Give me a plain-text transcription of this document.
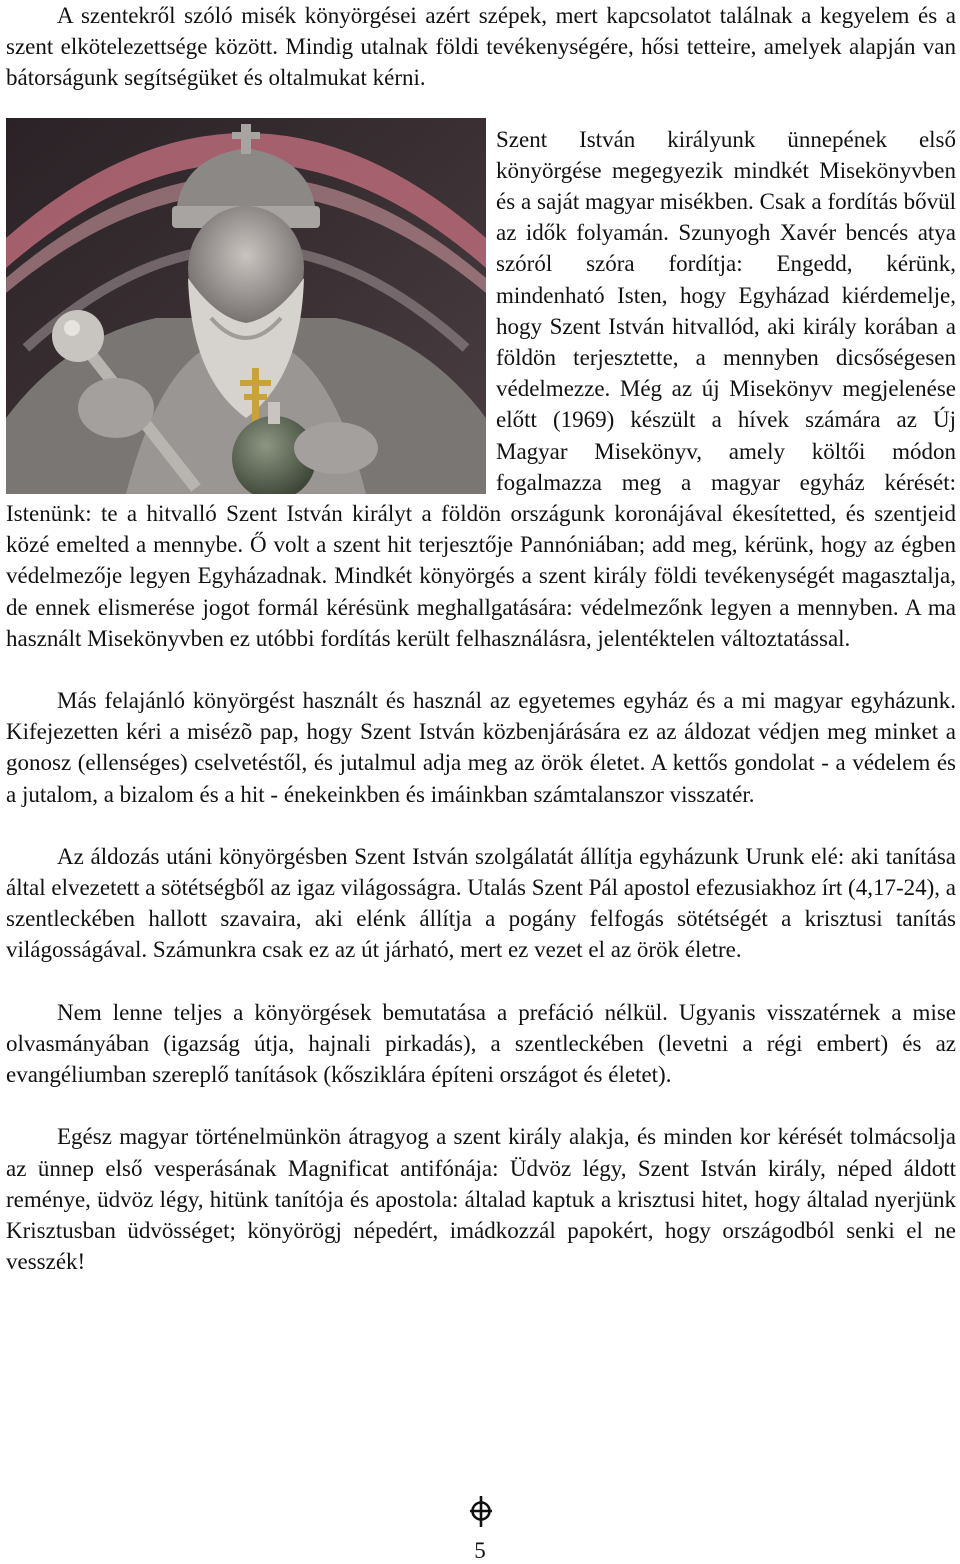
A szentekről szóló misék könyörgései azért szépek, mert kapcsolatot találnak a kegyelem és a szent elkötelezettsége között. Mindig utalnak földi tevékenységére, hősi tetteire, amelyek alapján van bátorságunk segítségüket és oltalmukat kérni.

Szent István királyunk ünnepének első könyörgése megegyezik mindkét Misekönyvben és a saját magyar misékben. Csak a fordítás bővül az idők folyamán. Szunyogh Xavér bencés atya szóról szóra fordítja: Engedd, kérünk, mindenható Isten, hogy Egyházad kiérdemelje, hogy Szent István hitvallód, aki király korában a földön terjesztette, a mennyben dicsőségesen védelmezze. Még az új Misekönyv megjelenése előtt (1969) készült a hívek számára az Új Magyar Misekönyv, amely költői módon fogalmazza meg a magyar egyház kérését: Istenünk: te a hitvalló Szent István királyt a földön országunk koronájával ékesítetted, és szentjeid közé emelted a mennybe. Ő volt a szent hit terjesztője Pannóniában; add meg, kérünk, hogy az égben védelmezője legyen Egyházadnak. Mindkét könyörgés a szent király földi tevékenységét magasztalja, de ennek elismerése jogot formál kérésünk meghallgatására: védelmezőnk legyen a mennyben. A ma használt Misekönyvben ez utóbbi fordítás került felhasználásra, jelentéktelen változtatással.

Más felajánló könyörgést használt és használ az egyetemes egyház és a mi magyar egyházunk. Kifejezetten kéri a misézõ pap, hogy Szent István közbenjárására ez az áldozat védjen meg minket a gonosz (ellenséges) cselvetéstől, és jutalmul adja meg az örök életet. A kettős gondolat - a védelem és a jutalom, a bizalom és a hit - énekeinkben és imáinkban számtalanszor visszatér.

Az áldozás utáni könyörgésben Szent István szolgálatát állítja egyházunk Urunk elé: aki tanítása által elvezetett a sötétségből az igaz világosságra. Utalás Szent Pál apostol efezusiakhoz írt (4,17-24), a szentleckében hallott szavaira, aki elénk állítja a pogány felfogás sötétségét a krisztusi tanítás világosságával. Számunkra csak ez az út járható, mert ez vezet el az örök életre.

Nem lenne teljes a könyörgések bemutatása a prefáció nélkül. Ugyanis visszatérnek a mise olvasmányában (igazság útja, hajnali pirkadás), a szentleckében (levetni a régi embert) és az evangéliumban szereplő tanítások (kősziklára építeni országot és életet).

Egész magyar történelmünkön átragyog a szent király alakja, és minden kor kérését tolmácsolja az ünnep első vesperásának Magnificat antifónája: Üdvöz légy, Szent István király, néped áldott reménye, üdvöz légy, hitünk tanítója és apostola: általad kaptuk a krisztusi hitet, hogy általad nyerjünk Krisztusban üdvösséget; könyörögj népedért, imádkozzál papokért, hogy országodból senki el ne vesszék!

5
